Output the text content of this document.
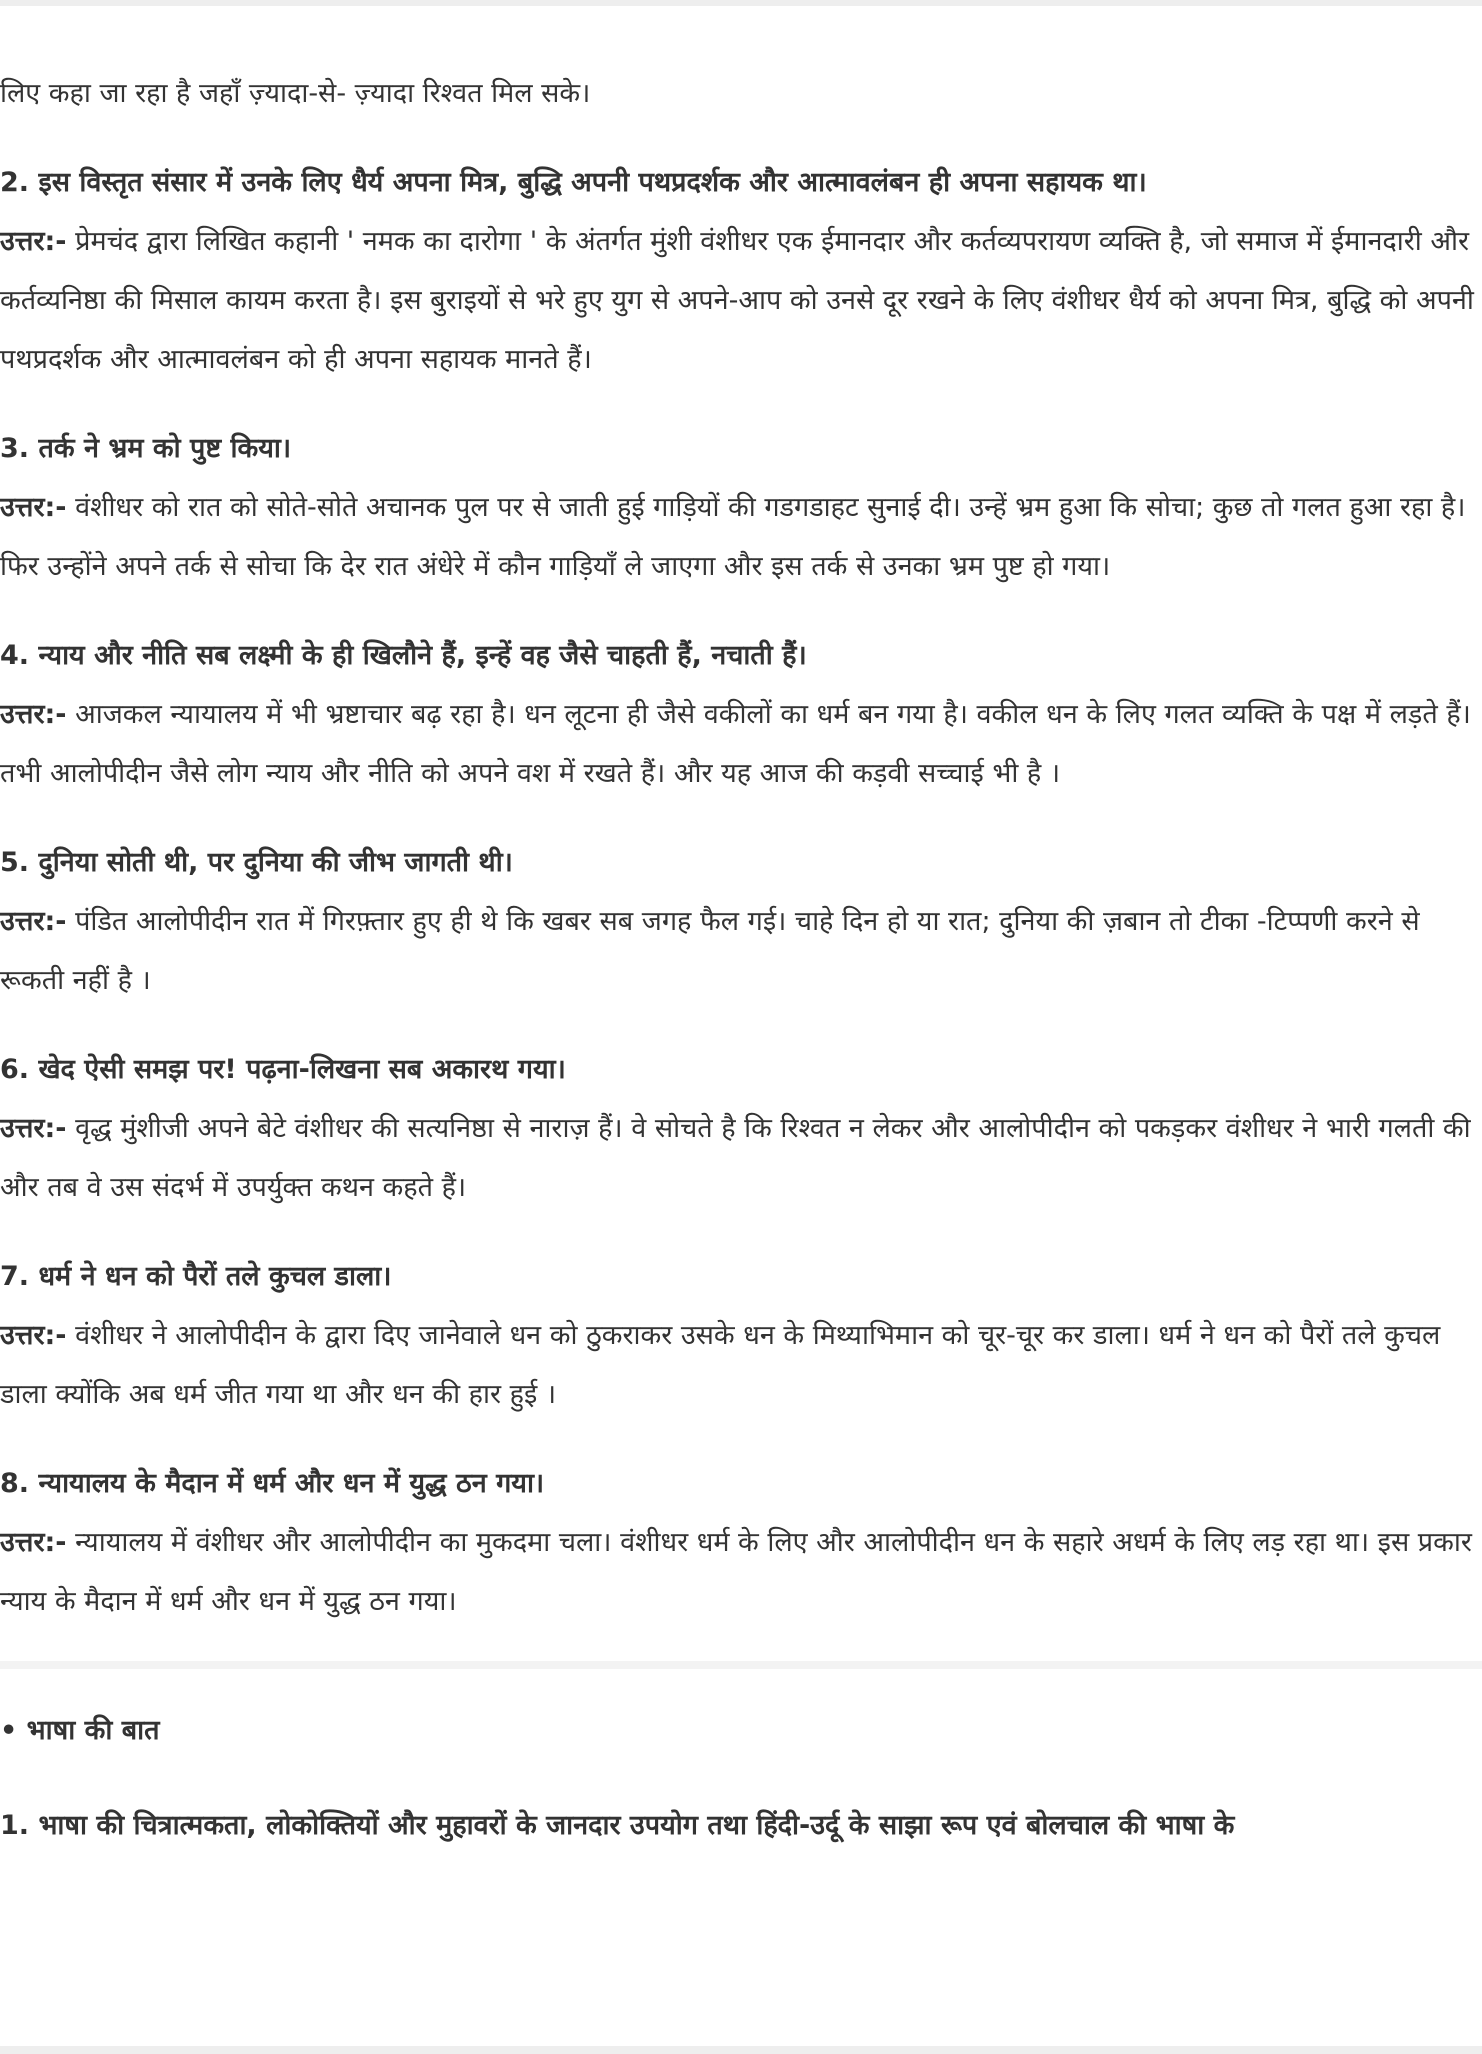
लिए कहा जा रहा है जहाँ ज़्यादा-से- ज़्यादा रिश्वत मिल सके।

2. इस विस्तृत संसार में उनके लिए धैर्य अपना मित्र, बुद्धि अपनी पथप्रदर्शक और आत्मावलंबन ही अपना सहायक था।

उत्तर:- प्रेमचंद द्वारा लिखित कहानी ' नमक का दारोगा ' के अंतर्गत मुंशी वंशीधर एक ईमानदार और कर्तव्यपरायण व्यक्ति है, जो समाज में ईमानदारी और कर्तव्यनिष्ठा की मिसाल कायम करता है। इस बुराइयों से भरे हुए युग से अपने-आप को उनसे दूर रखने के लिए वंशीधर धैर्य को अपना मित्र, बुद्धि को अपनी पथप्रदर्शक और आत्मावलंबन को ही अपना सहायक मानते हैं।

3. तर्क ने भ्रम को पुष्ट किया।

उत्तर:- वंशीधर को रात को सोते-सोते अचानक पुल पर से जाती हुई गाड़ियों की गडगडाहट सुनाई दी। उन्हें भ्रम हुआ कि सोचा; कुछ तो गलत हुआ रहा है। फिर उन्होंने अपने तर्क से सोचा कि देर रात अंधेरे में कौन गाड़ियाँ ले जाएगा और इस तर्क से उनका भ्रम पुष्ट हो गया।

4. न्याय और नीति सब लक्ष्मी के ही खिलौने हैं, इन्हें वह जैसे चाहती हैं, नचाती हैं।

उत्तर:- आजकल न्यायालय में भी भ्रष्टाचार बढ़ रहा है। धन लूटना ही जैसे वकीलों का धर्म बन गया है। वकील धन के लिए गलत व्यक्ति के पक्ष में लड़ते हैं। तभी आलोपीदीन जैसे लोग न्याय और नीति को अपने वश में रखते हैं। और यह आज की कड़वी सच्चाई भी है ।

5. दुनिया सोती थी, पर दुनिया की जीभ जागती थी।

उत्तर:- पंडित आलोपीदीन रात में गिरफ़्तार हुए ही थे कि खबर सब जगह फैल गई। चाहे दिन हो या रात; दुनिया की ज़बान तो टीका -टिप्पणी करने से रूकती नहीं है ।

6. खेद ऐसी समझ पर! पढ़ना-लिखना सब अकारथ गया।

उत्तर:- वृद्ध मुंशीजी अपने बेटे वंशीधर की सत्यनिष्ठा से नाराज़ हैं। वे सोचते है कि रिश्वत न लेकर और आलोपीदीन को पकड़कर वंशीधर ने भारी गलती की और तब वे उस संदर्भ में उपर्युक्त कथन कहते हैं।

7. धर्म ने धन को पैरों तले कुचल डाला।

उत्तर:- वंशीधर ने आलोपीदीन के द्वारा दिए जानेवाले धन को ठुकराकर उसके धन के मिथ्याभिमान को चूर-चूर कर डाला। धर्म ने धन को पैरों तले कुचल डाला क्योंकि अब धर्म जीत गया था और धन की हार हुई ।

8. न्यायालय के मैदान में धर्म और धन में युद्ध ठन गया।

उत्तर:- न्यायालय में वंशीधर और आलोपीदीन का मुकदमा चला। वंशीधर धर्म के लिए और आलोपीदीन धन के सहारे अधर्म के लिए लड़ रहा था। इस प्रकार न्याय के मैदान में धर्म और धन में युद्ध ठन गया।

• भाषा की बात

1. भाषा की चित्रात्मकता, लोकोक्तियों और मुहावरों के जानदार उपयोग तथा हिंदी-उर्दू के साझा रूप एवं बोलचाल की भाषा के
